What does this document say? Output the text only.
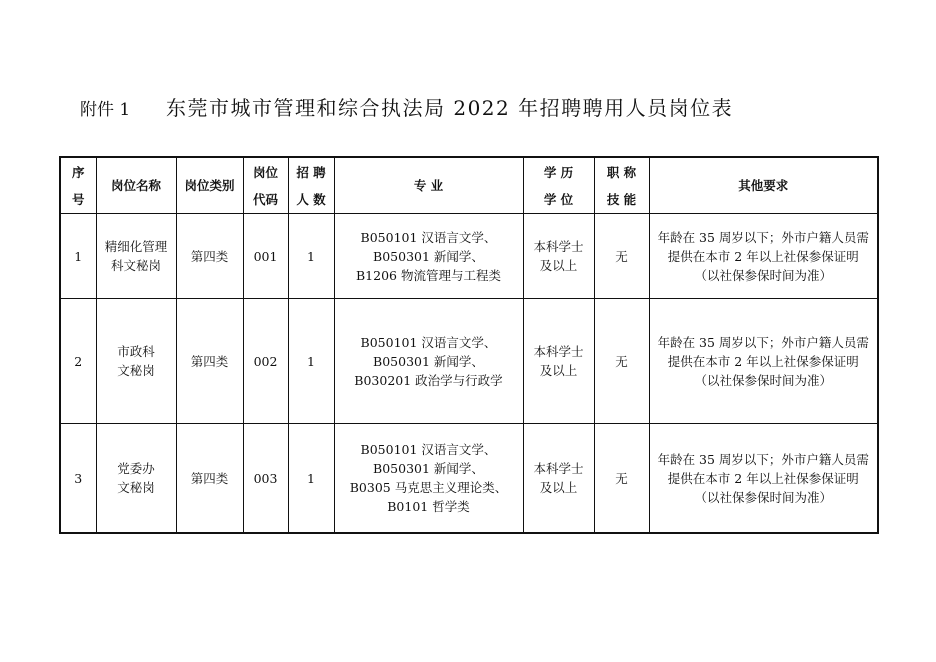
附件 1	东莞市城市管理和综合执法局 2022 年招聘聘用人员岗位表
序
号	岗位名称	岗位类别	岗位
代码	招 聘
人 数	专 业	学 历
学 位	职 称
技 能	其他要求

1	精细化管理
科文秘岗	第四类	001	1	B050101 汉语言文学、
B050301 新闻学、
B1206 物流管理与工程类	本科学士
及以上	无	年龄在 35 周岁以下；外市户籍人员需
提供在本市 2 年以上社保参保证明
（以社保参保时间为准）

2	市政科
文秘岗	第四类	002	1	B050101 汉语言文学、
B050301 新闻学、
B030201 政治学与行政学	本科学士
及以上	无	年龄在 35 周岁以下；外市户籍人员需
提供在本市 2 年以上社保参保证明
（以社保参保时间为准）

3	党委办
文秘岗	第四类	003	1	B050101 汉语言文学、
B050301 新闻学、
B0305 马克思主义理论类、
B0101 哲学类	本科学士
及以上	无	年龄在 35 周岁以下；外市户籍人员需
提供在本市 2 年以上社保参保证明
（以社保参保时间为准）
